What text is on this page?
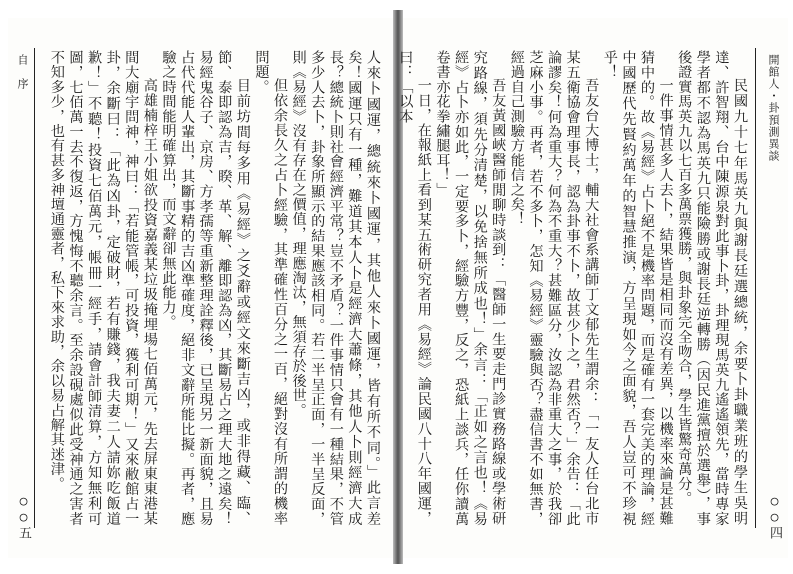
自　序
○○五	人來卜國運，總統來卜國運，其他人來卜國運，皆有所不同。」此言差矣！國運只有一種，難道其本人卜是經濟大蕭條，其他人卜則經濟大成長？總統卜則社會經濟平常？豈不矛盾？一件事情只會有一種結果，不管多少人去卜，卦象所顯示的結果應該相同。若二半呈正面，一半呈反面，則《易經》沒有存在之價值，理應淘汰，無須存於後世。

但依余長久之占卜經驗，其準確性百分之一百，絕對沒有所謂的機率問題。

目前坊間每多用《易經》之爻辭或經文來斷吉凶，或非得藏、臨、節、泰即認為吉，睽、革、解、離即認為凶，其斷易占之理大地之遠矣！易經鬼谷子、京房、方孝孺等重新整理詮釋後，已呈現另一新面貌，且易占代代能人輩出，其斷事精的吉凶準確度，絕非文辭所能比擬。再者，應驗之時間能明確算出，而文辭卻無此能力。

高雄楠梓王小姐欲投資嘉義某垃圾掩埋場七佰萬元，先去屏東東港某間大廟宇問神，神曰：「若能管帳，可投資，獲利可期！」又來敝館占一卦，余斷曰：「此為凶卦，定破財，若有賺錢，我夫妻二人請妳吃飯道歉！」不聽！投資七佰萬元，帳冊一經手，請會計師清算，方知無利可圖，七佰萬一去不復返，方愧悔不聽余言。至余設硯處似此受神通之害者不知多少，也有甚多神壇通靈者，私下來求助，余以易占解其迷津。	開館人・卦預測異談
○○四

民國九十七年馬英九與謝長廷選總統，余要卜卦職業班的學生吳明達、許智翔、台中陳源泉對此事卜卦，卦理現馬英九遙遙領先，當時專家學者都不認為馬英九只能險勝或謝長廷逆轉勝（因民進黨擅於選舉），事後證實馬英九以七百多萬票獲勝，與卦象完全吻合，學生皆驚奇萬分。

一件事情甚多人去卜，結果皆是相同而沒有差異，以機率來論是甚難猜中的。故《易經》占卜絕不是機率問題，而是確有一套完美的理論，經中國歷代先賢約萬年的智慧推演，方呈現如今之面貌，吾人豈可不珍視乎！

吾友台大博士，輔大社會系講師丁文郁先生謂余：「一友人任台北市某五衛協會理事長，認為卦事不卜，故甚少卜之，君然否？」余告：「此論謬矣！何為重大？何為不重大？甚難區分，汝認為非重大之事，於我卻芝麻小事。再者，若不多卜，怎知《易經》靈驗與否？盡信書不如無書，經過自己測驗方能信之矣！

吾友黃國峽醫師閒聊時談到：「醫師一生要走門診實務路線或學術研究路線，須先分清楚，以免捨無所成也！」余言：「正如之言也！《易經》占卜亦如此，一定要多卜，經驗方豐，反之，恐紙上談兵，任你讀萬卷書亦花拳繡腿耳！」

一日，在報紙上看到某五術研究者用《易經》論民國八十八年國運，曰：「以本
